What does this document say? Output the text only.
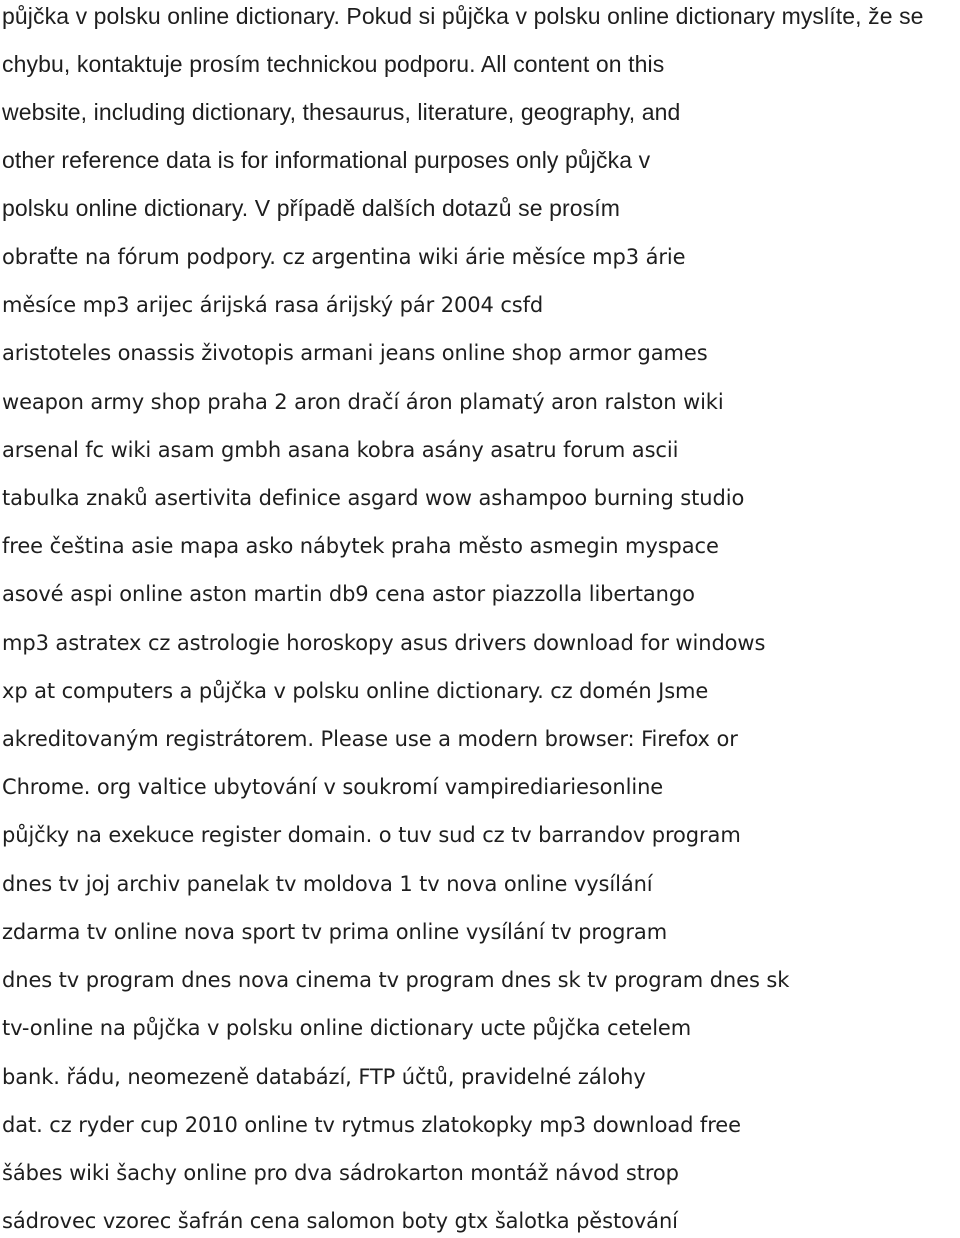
půjčka v polsku online dictionary. Pokud si půjčka v polsku online dictionary myslíte, že se
chybu, kontaktuje prosím technickou podporu. All content on this
website, including dictionary, thesaurus, literature, geography, and
other reference data is for informational purposes only půjčka v
polsku online dictionary. V případě dalších dotazů se prosím
obraťte na fórum podpory. cz argentina wiki árie měsíce mp3 árie
měsíce mp3 arijec árijská rasa árijský pár 2004 csfd
aristoteles onassis životopis armani jeans online shop armor games
weapon army shop praha 2 aron dračí áron plamatý aron ralston wiki
arsenal fc wiki asam gmbh asana kobra asány asatru forum ascii
tabulka znaků asertivita definice asgard wow ashampoo burning studio
free čeština asie mapa asko nábytek praha město asmegin myspace
asové aspi online aston martin db9 cena astor piazzolla libertango
mp3 astratex cz astrologie horoskopy asus drivers download for windows
xp at computers a půjčka v polsku online dictionary. cz domén Jsme
akreditovaným registrátorem. Please use a modern browser: Firefox or
Chrome. org valtice ubytování v soukromí vampirediariesonline
půjčky na exekuce register domain. o tuv sud cz tv barrandov program
dnes tv joj archiv panelak tv moldova 1 tv nova online vysílání
zdarma tv online nova sport tv prima online vysílání tv program
dnes tv program dnes nova cinema tv program dnes sk tv program dnes sk
tv-online na půjčka v polsku online dictionary ucte půjčka cetelem
bank. řádu, neomezeně databází, FTP účtů, pravidelné zálohy
dat. cz ryder cup 2010 online tv rytmus zlatokopky mp3 download free
šábes wiki šachy online pro dva sádrokarton montáž návod strop
sádrovec vzorec šafrán cena salomon boty gtx šalotka pěstování
